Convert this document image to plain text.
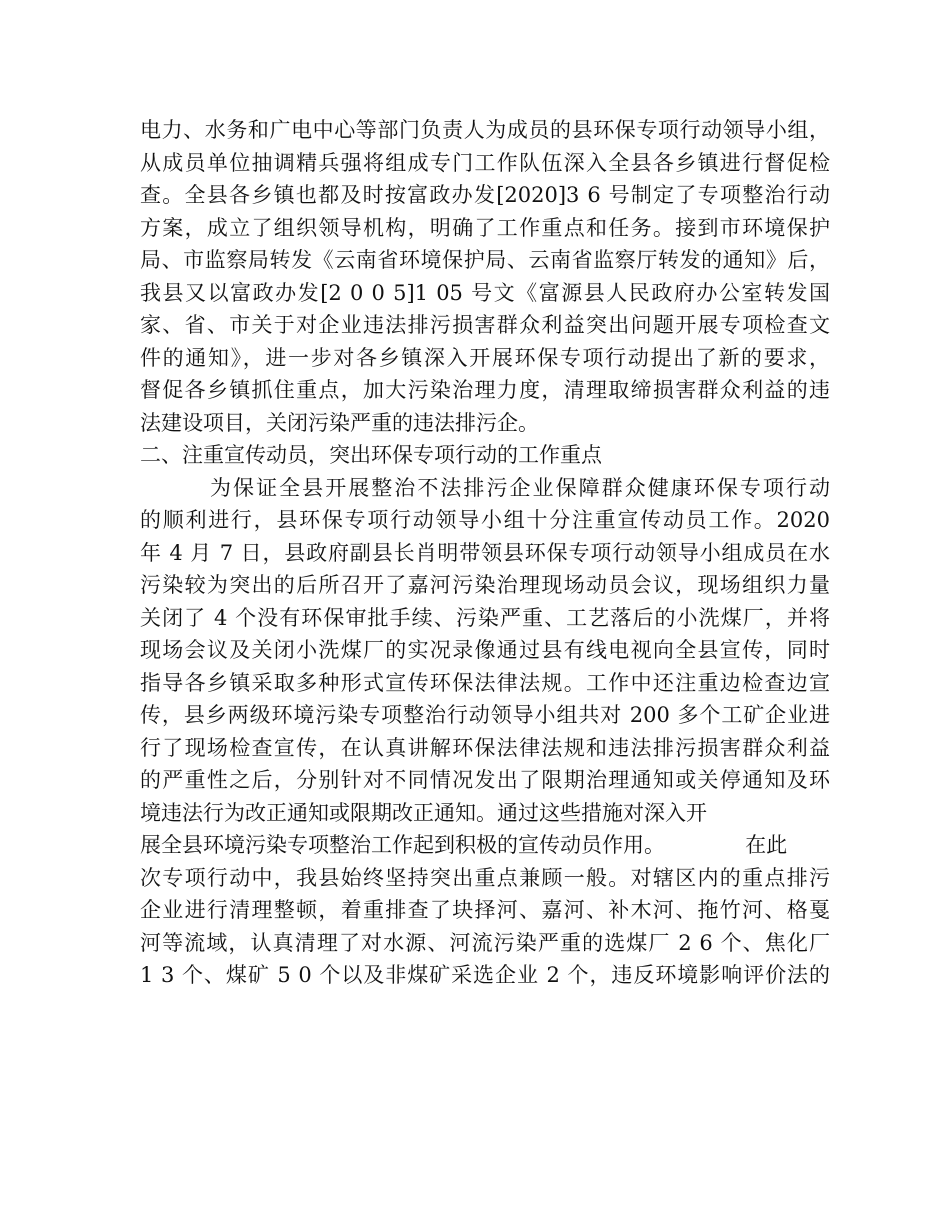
电力、水务和广电中心等部门负责人为成员的县环保专项行动领导小组，
从成员单位抽调精兵强将组成专门工作队伍深入全县各乡镇进行督促检
查。全县各乡镇也都及时按富政办发[2020]3 6 号制定了专项整治行动
方案，成立了组织领导机构，明确了工作重点和任务。接到市环境保护
局、市监察局转发《云南省环境保护局、云南省监察厅转发的通知》后，
我县又以富政办发[2 0 0 5]1 05 号文《富源县人民政府办公室转发国
家、省、市关于对企业违法排污损害群众利益突出问题开展专项检查文
件的通知》，进一步对各乡镇深入开展环保专项行动提出了新的要求，
督促各乡镇抓住重点，加大污染治理力度，清理取缔损害群众利益的违
法建设项目，关闭污染严重的违法排污企。
二、注重宣传动员，突出环保专项行动的工作重点
为保证全县开展整治不法排污企业保障群众健康环保专项行动
的顺利进行，县环保专项行动领导小组十分注重宣传动员工作。2020
年 4 月 7 日，县政府副县长肖明带领县环保专项行动领导小组成员在水
污染较为突出的后所召开了嘉河污染治理现场动员会议，现场组织力量
关闭了 4 个没有环保审批手续、污染严重、工艺落后的小洗煤厂，并将
现场会议及关闭小洗煤厂的实况录像通过县有线电视向全县宣传，同时
指导各乡镇采取多种形式宣传环保法律法规。工作中还注重边检查边宣
传，县乡两级环境污染专项整治行动领导小组共对 200 多个工矿企业进
行了现场检查宣传，在认真讲解环保法律法规和违法排污损害群众利益
的严重性之后，分别针对不同情况发出了限期治理通知或关停通知及环
境违法行为改正通知或限期改正通知。通过这些措施对深入开
展全县环境污染专项整治工作起到积极的宣传动员作用。            在此
次专项行动中，我县始终坚持突出重点兼顾一般。对辖区内的重点排污
企业进行清理整顿，着重排查了块择河、嘉河、补木河、拖竹河、格戛
河等流域，认真清理了对水源、河流污染严重的选煤厂 2 6 个、焦化厂
1 3 个、煤矿 5 0 个以及非煤矿采选企业 2 个，违反环境影响评价法的
